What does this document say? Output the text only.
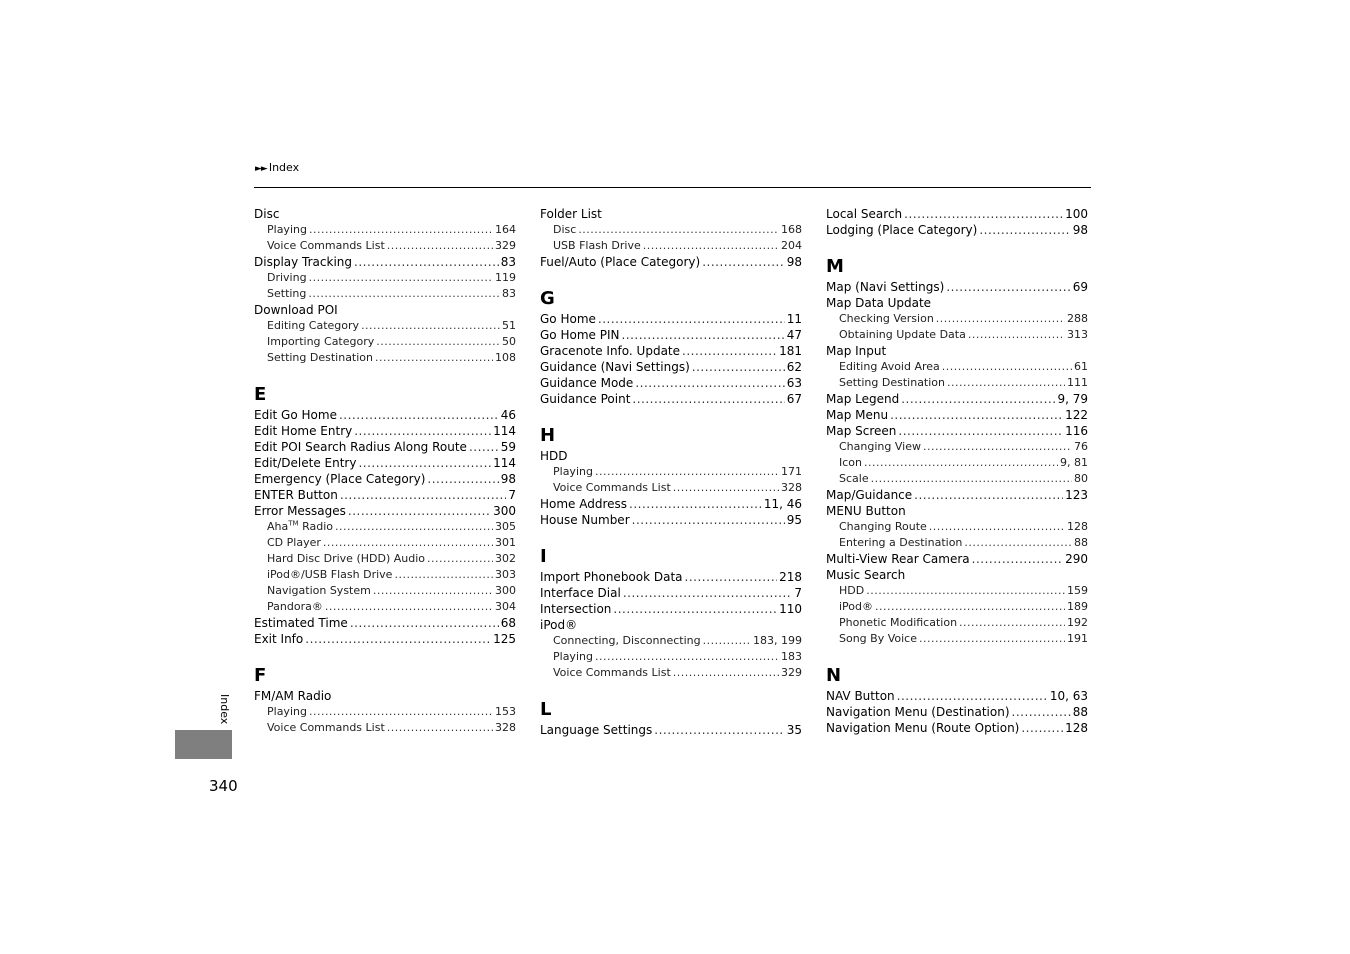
►► Index
Disc
Playing .....	164
Voice Commands List .....	329
Display Tracking .....	83
Driving .....	119
Setting .....	83
Download POI
Editing Category .....	51
Importing Category .....	50
Setting Destination .....	108
E
Edit Go Home .....	46
Edit Home Entry .....	114
Edit POI Search Radius Along Route .....	59
Edit/Delete Entry .....	114
Emergency (Place Category) .....	98
ENTER Button .....	7
Error Messages .....	300
Aha™ Radio .....	305
CD Player .....	301
Hard Disc Drive (HDD) Audio .....	302
iPod®/USB Flash Drive .....	303
Navigation System .....	300
Pandora® .....	304
Estimated Time .....	68
Exit Info .....	125
F
FM/AM Radio
Playing .....	153
Voice Commands List .....	328
Folder List
Disc .....	168
USB Flash Drive .....	204
Fuel/Auto (Place Category) .....	98
G
Go Home .....	11
Go Home PIN .....	47
Gracenote Info. Update .....	181
Guidance (Navi Settings) .....	62
Guidance Mode .....	63
Guidance Point .....	67
H
HDD
Playing .....	171
Voice Commands List .....	328
Home Address .....	11, 46
House Number .....	95
I
Import Phonebook Data .....	218
Interface Dial .....	7
Intersection .....	110
iPod®
Connecting, Disconnecting .....	183, 199
Playing .....	183
Voice Commands List .....	329
L
Language Settings .....	35
Local Search .....	100
Lodging (Place Category) .....	98
M
Map (Navi Settings) .....	69
Map Data Update
Checking Version .....	288
Obtaining Update Data .....	313
Map Input
Editing Avoid Area .....	61
Setting Destination .....	111
Map Legend .....	9, 79
Map Menu .....	122
Map Screen .....	116
Changing View .....	76
Icon .....	9, 81
Scale .....	80
Map/Guidance .....	123
MENU Button
Changing Route .....	128
Entering a Destination .....	88
Multi-View Rear Camera .....	290
Music Search
HDD .....	159
iPod® .....	189
Phonetic Modification .....	192
Song By Voice .....	191
N
NAV Button .....	10, 63
Navigation Menu (Destination) .....	88
Navigation Menu (Route Option) .....	128
Index
340
